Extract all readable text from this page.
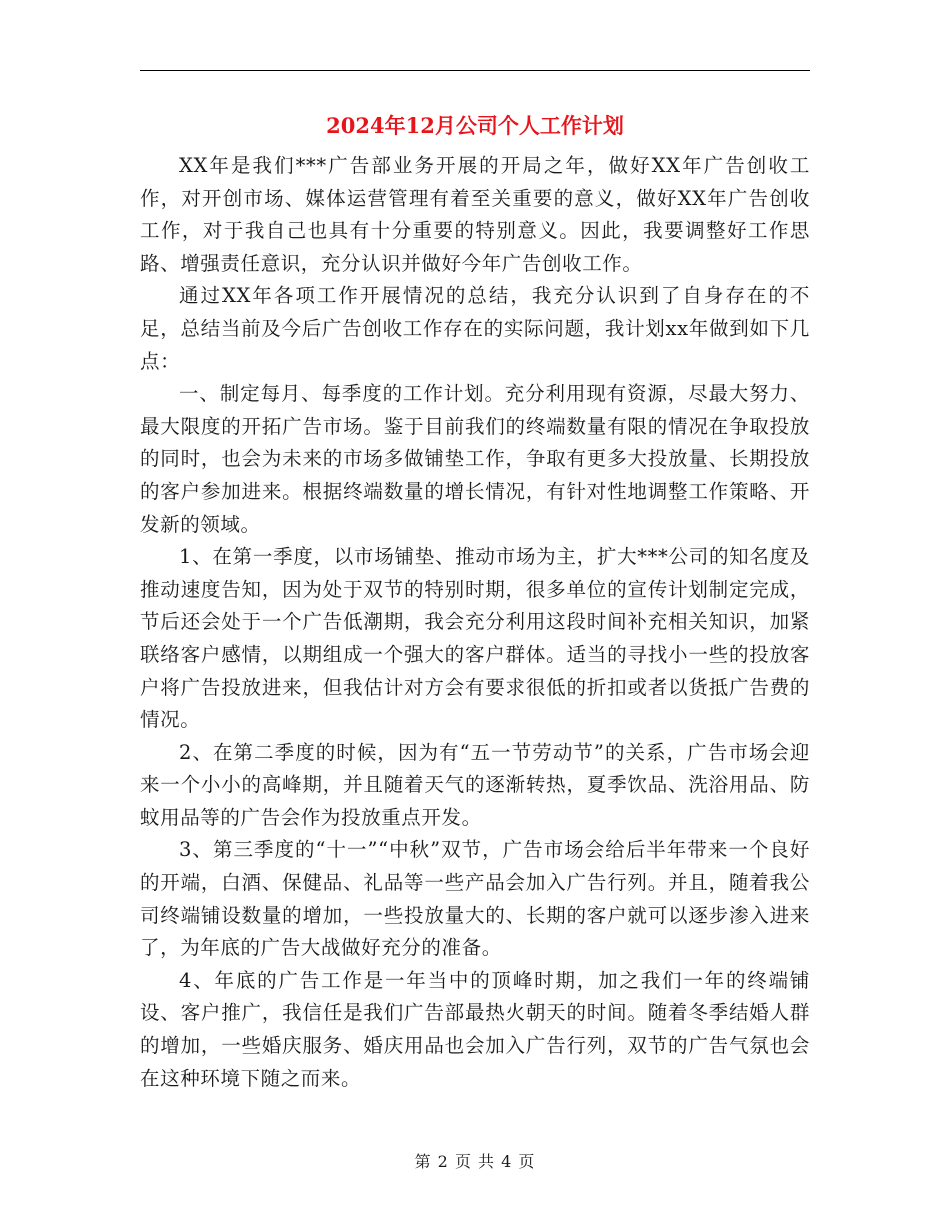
2024年12月公司个人工作计划

XX年是我们***广告部业务开展的开局之年，做好XX年广告创收工作，对开创市场、媒体运营管理有着至关重要的意义，做好XX年广告创收工作，对于我自己也具有十分重要的特别意义。因此，我要调整好工作思路、增强责任意识，充分认识并做好今年广告创收工作。

通过XX年各项工作开展情况的总结，我充分认识到了自身存在的不足，总结当前及今后广告创收工作存在的实际问题，我计划xx年做到如下几点：

一、制定每月、每季度的工作计划。充分利用现有资源，尽最大努力、最大限度的开拓广告市场。鉴于目前我们的终端数量有限的情况在争取投放的同时，也会为未来的市场多做铺垫工作，争取有更多大投放量、长期投放的客户参加进来。根据终端数量的增长情况，有针对性地调整工作策略、开发新的领域。

1、在第一季度，以市场铺垫、推动市场为主，扩大***公司的知名度及推动速度告知，因为处于双节的特别时期，很多单位的宣传计划制定完成，节后还会处于一个广告低潮期，我会充分利用这段时间补充相关知识，加紧联络客户感情，以期组成一个强大的客户群体。适当的寻找小一些的投放客户将广告投放进来，但我估计对方会有要求很低的折扣或者以货抵广告费的情况。

2、在第二季度的时候，因为有“五一节劳动节”的关系，广告市场会迎来一个小小的高峰期，并且随着天气的逐渐转热，夏季饮品、洗浴用品、防蚊用品等的广告会作为投放重点开发。

3、第三季度的“十一”“中秋”双节，广告市场会给后半年带来一个良好的开端，白酒、保健品、礼品等一些产品会加入广告行列。并且，随着我公司终端铺设数量的增加，一些投放量大的、长期的客户就可以逐步渗入进来了，为年底的广告大战做好充分的准备。

4、年底的广告工作是一年当中的顶峰时期，加之我们一年的终端铺设、客户推广，我信任是我们广告部最热火朝天的时间。随着冬季结婚人群的增加，一些婚庆服务、婚庆用品也会加入广告行列，双节的广告气氛也会在这种环境下随之而来。

第 2 页 共 4 页
